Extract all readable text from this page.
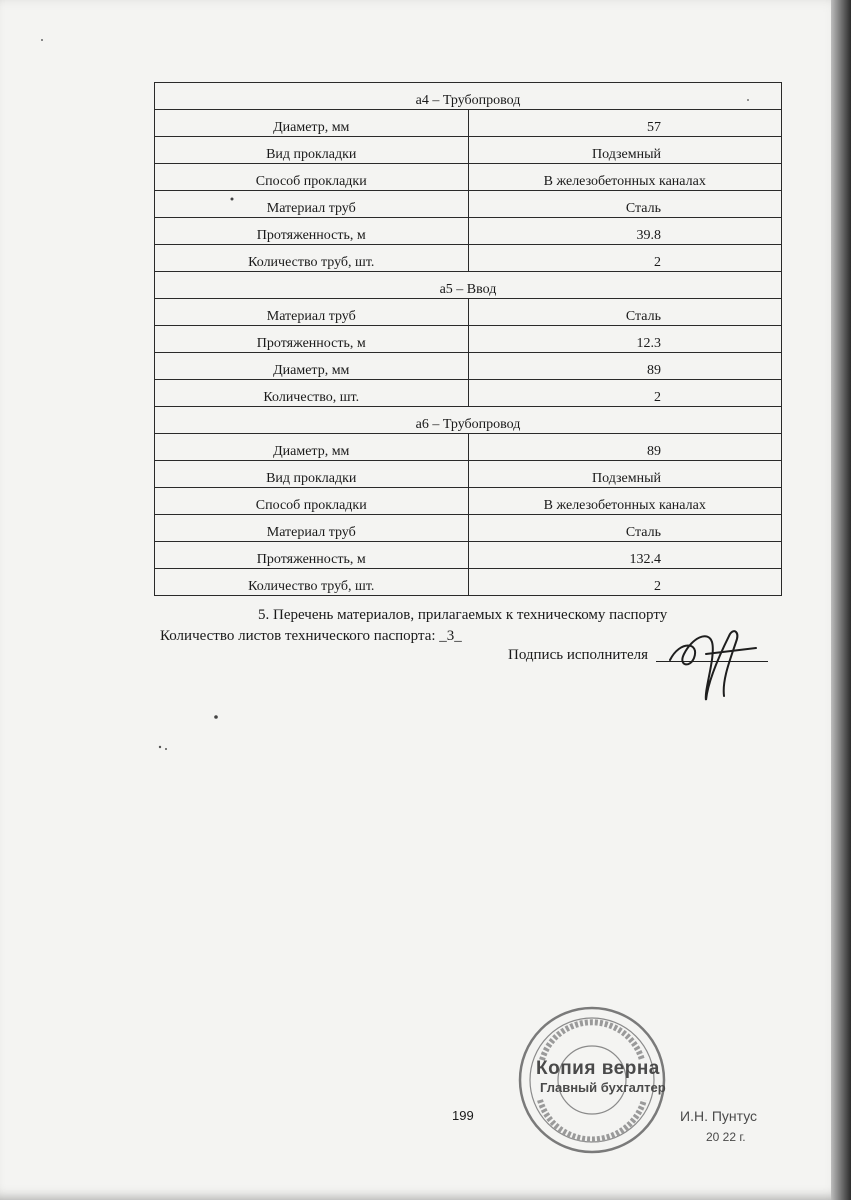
а4 – Трубопровод	
Диаметр, мм	57
Вид прокладки	Подземный
Способ прокладки	В железобетонных каналах
Материал труб	Сталь
Протяженность, м	39.8
Количество труб, шт.	2
а5 – Ввод	
Материал труб	Сталь
Протяженность, м	12.3
Диаметр, мм	89
Количество, шт.	2
а6 – Трубопровод	
Диаметр, мм	89
Вид прокладки	Подземный
Способ прокладки	В железобетонных каналах
Материал труб	Сталь
Протяженность, м	132.4
Количество труб, шт.	2
5. Перечень материалов, прилагаемых к техническому паспорту
Количество листов технического паспорта: _3_
Подпись исполнителя
199
Копия верна
Главный бухгалтер
И.Н. Пунтус
20 22 г.
